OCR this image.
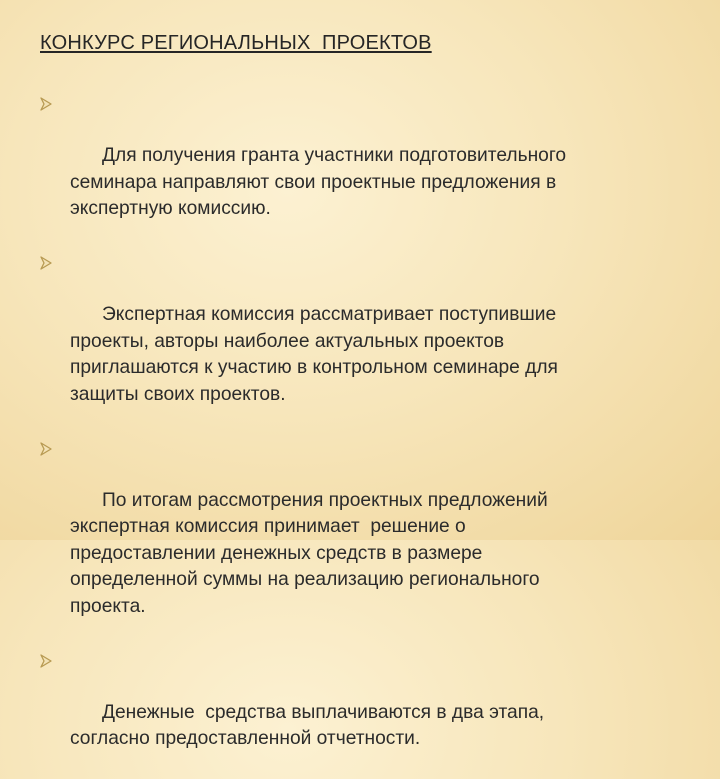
КОНКУРС РЕГИОНАЛЬНЫХ  ПРОЕКТОВ

Для получения гранта участники подготовительного
семинара направляют свои проектные предложения в
экспертную комиссию.

Экспертная комиссия рассматривает поступившие
проекты, авторы наиболее актуальных проектов
приглашаются к участию в контрольном семинаре для
защиты своих проектов.

По итогам рассмотрения проектных предложений
экспертная комиссия принимает  решение о
предоставлении денежных средств в размере
определенной суммы на реализацию регионального
проекта.

Денежные  средства выплачиваются в два этапа,
согласно предоставленной отчетности.
